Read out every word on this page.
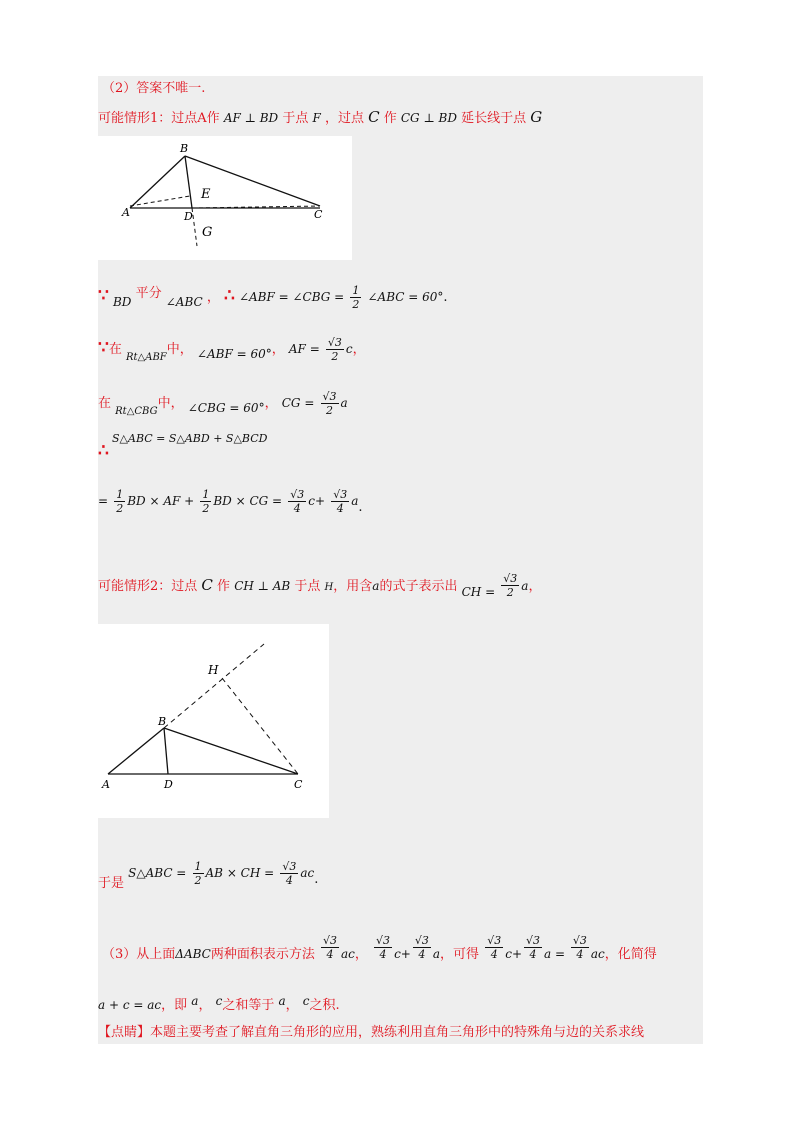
（2）答案不唯一.
可能情形1：过点A作 AF ⊥ BD 于点 F ，过点 C 作 CG ⊥ BD 延长线于点 G
B
A	D
E
C
G
∵ BD 平分 ∠ABC ， ∴ ∠ABF = ∠CBG = $\frac{1}{2}$ ∠ABC = 60°.
∵在 $_{Rt\triangle ABF}$中， ∠ABF = 60°， AF = $\frac{√3}{2}$ c，
在 $_{Rt\triangle CBG}$中， ∠CBG = 60°， CG = $\frac{√3}{2}$ a
S△ABC = S△ABD + S△BCD
∴
= $\frac{1}{2}$ BD × AF + $\frac{1}{2}$ BD × CG = $\frac{√3}{4} c+ \frac{√3}{4} a$.
可能情形2：过点 C 作 CH ⊥ AB 于点 H，用含a的式子表示出 CH = $\frac{√3}{2}$ a，
H
B
A	D	C
于是 S△ABC = $\frac{1}{2}$ AB × CH = $\frac{√3}{4}$ ac.
（3）从上面ΔABC两种面积表示方法 $\frac{√3}{4}$ ac， $\frac{√3}{4} c+ \frac{√3}{4}$ a，可得 $\frac{√3}{4} c+ \frac{√3}{4}$ $a = \frac{√3}{4}$ ac，化简得
a + c = ac，即 a， c之和等于 a， c之积.
【点睛】本题主要考查了解直角三角形的应用，熟练利用直角三角形中的特殊角与边的关系求线
